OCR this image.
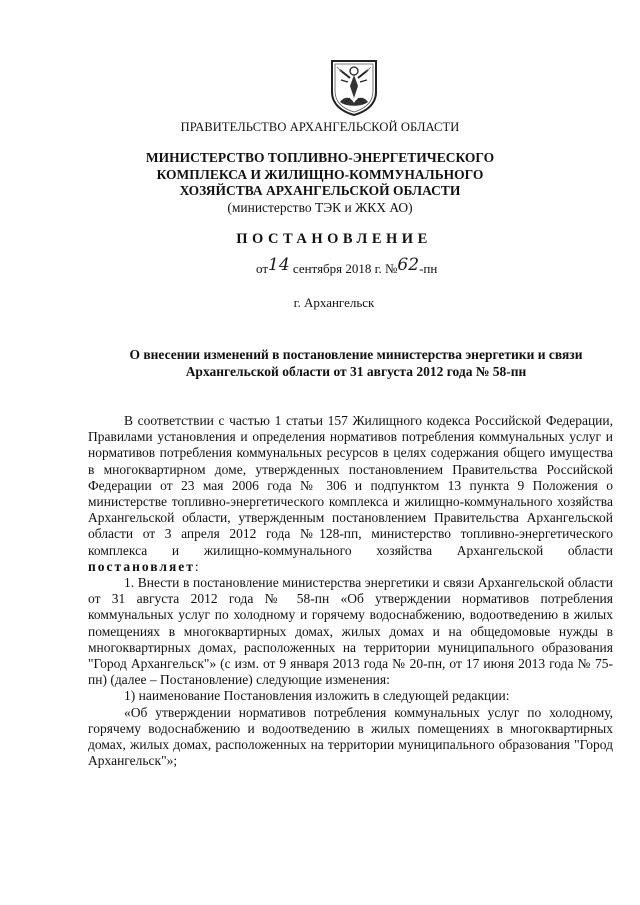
ПРАВИТЕЛЬСТВО АРХАНГЕЛЬСКОЙ ОБЛАСТИ
МИНИСТЕРСТВО ТОПЛИВНО-ЭНЕРГЕТИЧЕСКОГО
КОМПЛЕКСА И ЖИЛИЩНО-КОММУНАЛЬНОГО
ХОЗЯЙСТВА АРХАНГЕЛЬСКОЙ ОБЛАСТИ
(министерство ТЭК и ЖКХ АО)
ПОСТАНОВЛЕНИЕ
от14 сентября 2018 г. №62-пн
г. Архангельск
О внесении изменений в постановление министерства энергетики и связи
Архангельской области от 31 августа 2012 года № 58-пн

В соответствии с частью 1 статьи 157 Жилищного кодекса Российской Федерации, Правилами установления и определения нормативов потребления коммунальных услуг и нормативов потребления коммунальных ресурсов в целях содержания общего имущества в многоквартирном доме, утвержденных постановлением Правительства Российской Федерации от 23 мая 2006 года № 306 и подпунктом 13 пункта 9 Положения о министерстве топливно-энергетического комплекса и жилищно-коммунального хозяйства Архангельской области, утвержденным постановлением Правительства Архангельской области от 3 апреля 2012 года №128-пп, министерство топливно-энергетического комплекса и жилищно-коммунального хозяйства Архангельской области постановляет:

1. Внести в постановление министерства энергетики и связи Архангельской области от 31 августа 2012 года № 58-пн «Об утверждении нормативов потребления коммунальных услуг по холодному и горячему водоснабжению, водоотведению в жилых помещениях в многоквартирных домах, жилых домах и на общедомовые нужды в многоквартирных домах, расположенных на территории муниципального образования "Город Архангельск"» (с изм. от 9 января 2013 года № 20-пн, от 17 июня 2013 года № 75-пн) (далее – Постановление) следующие изменения:

1) наименование Постановления изложить в следующей редакции:

«Об утверждении нормативов потребления коммунальных услуг по холодному, горячему водоснабжению и водоотведению в жилых помещениях в многоквартирных домах, жилых домах, расположенных на территории муниципального образования "Город Архангельск"»;
